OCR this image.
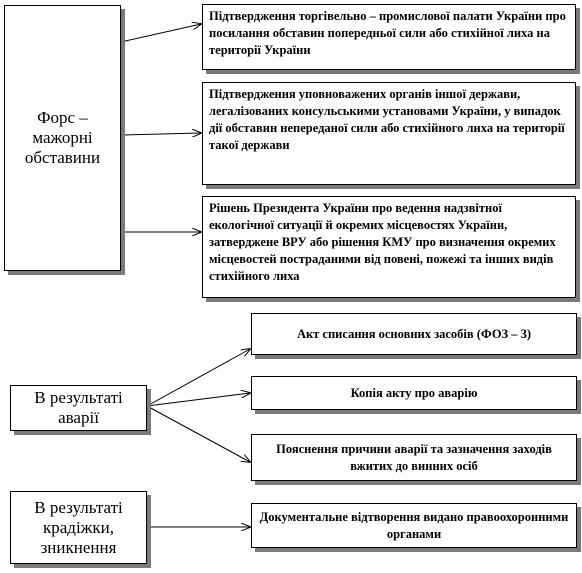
Форс – мажорні обставини
Підтвердження торгівельно – промислової палати України про посилання обставин попередньої сили або стихійної лиха на території України
Підтвердження уповноважених органів іншої держави, легалізованих консульськими установами України, у випадок дії обставин непереданої сили або стихійного лиха на території такої держави
Рішень Президента України про ведення надзвітної екологічної ситуації й окремих місцевостях України, затверджене ВРУ або рішення КМУ про визначення окремих місцевостей постраданими від повені, пожежі та інших видів стихійного лиха
В результаті аварії
Акт списання основних засобів (ФОЗ – 3)
Копія акту про аварію
Пояснення причини аварії та зазначення заходів вжитих до винних осіб
В результаті крадіжки, зникнення
Документальне відтворення видано правоохоронними органами
